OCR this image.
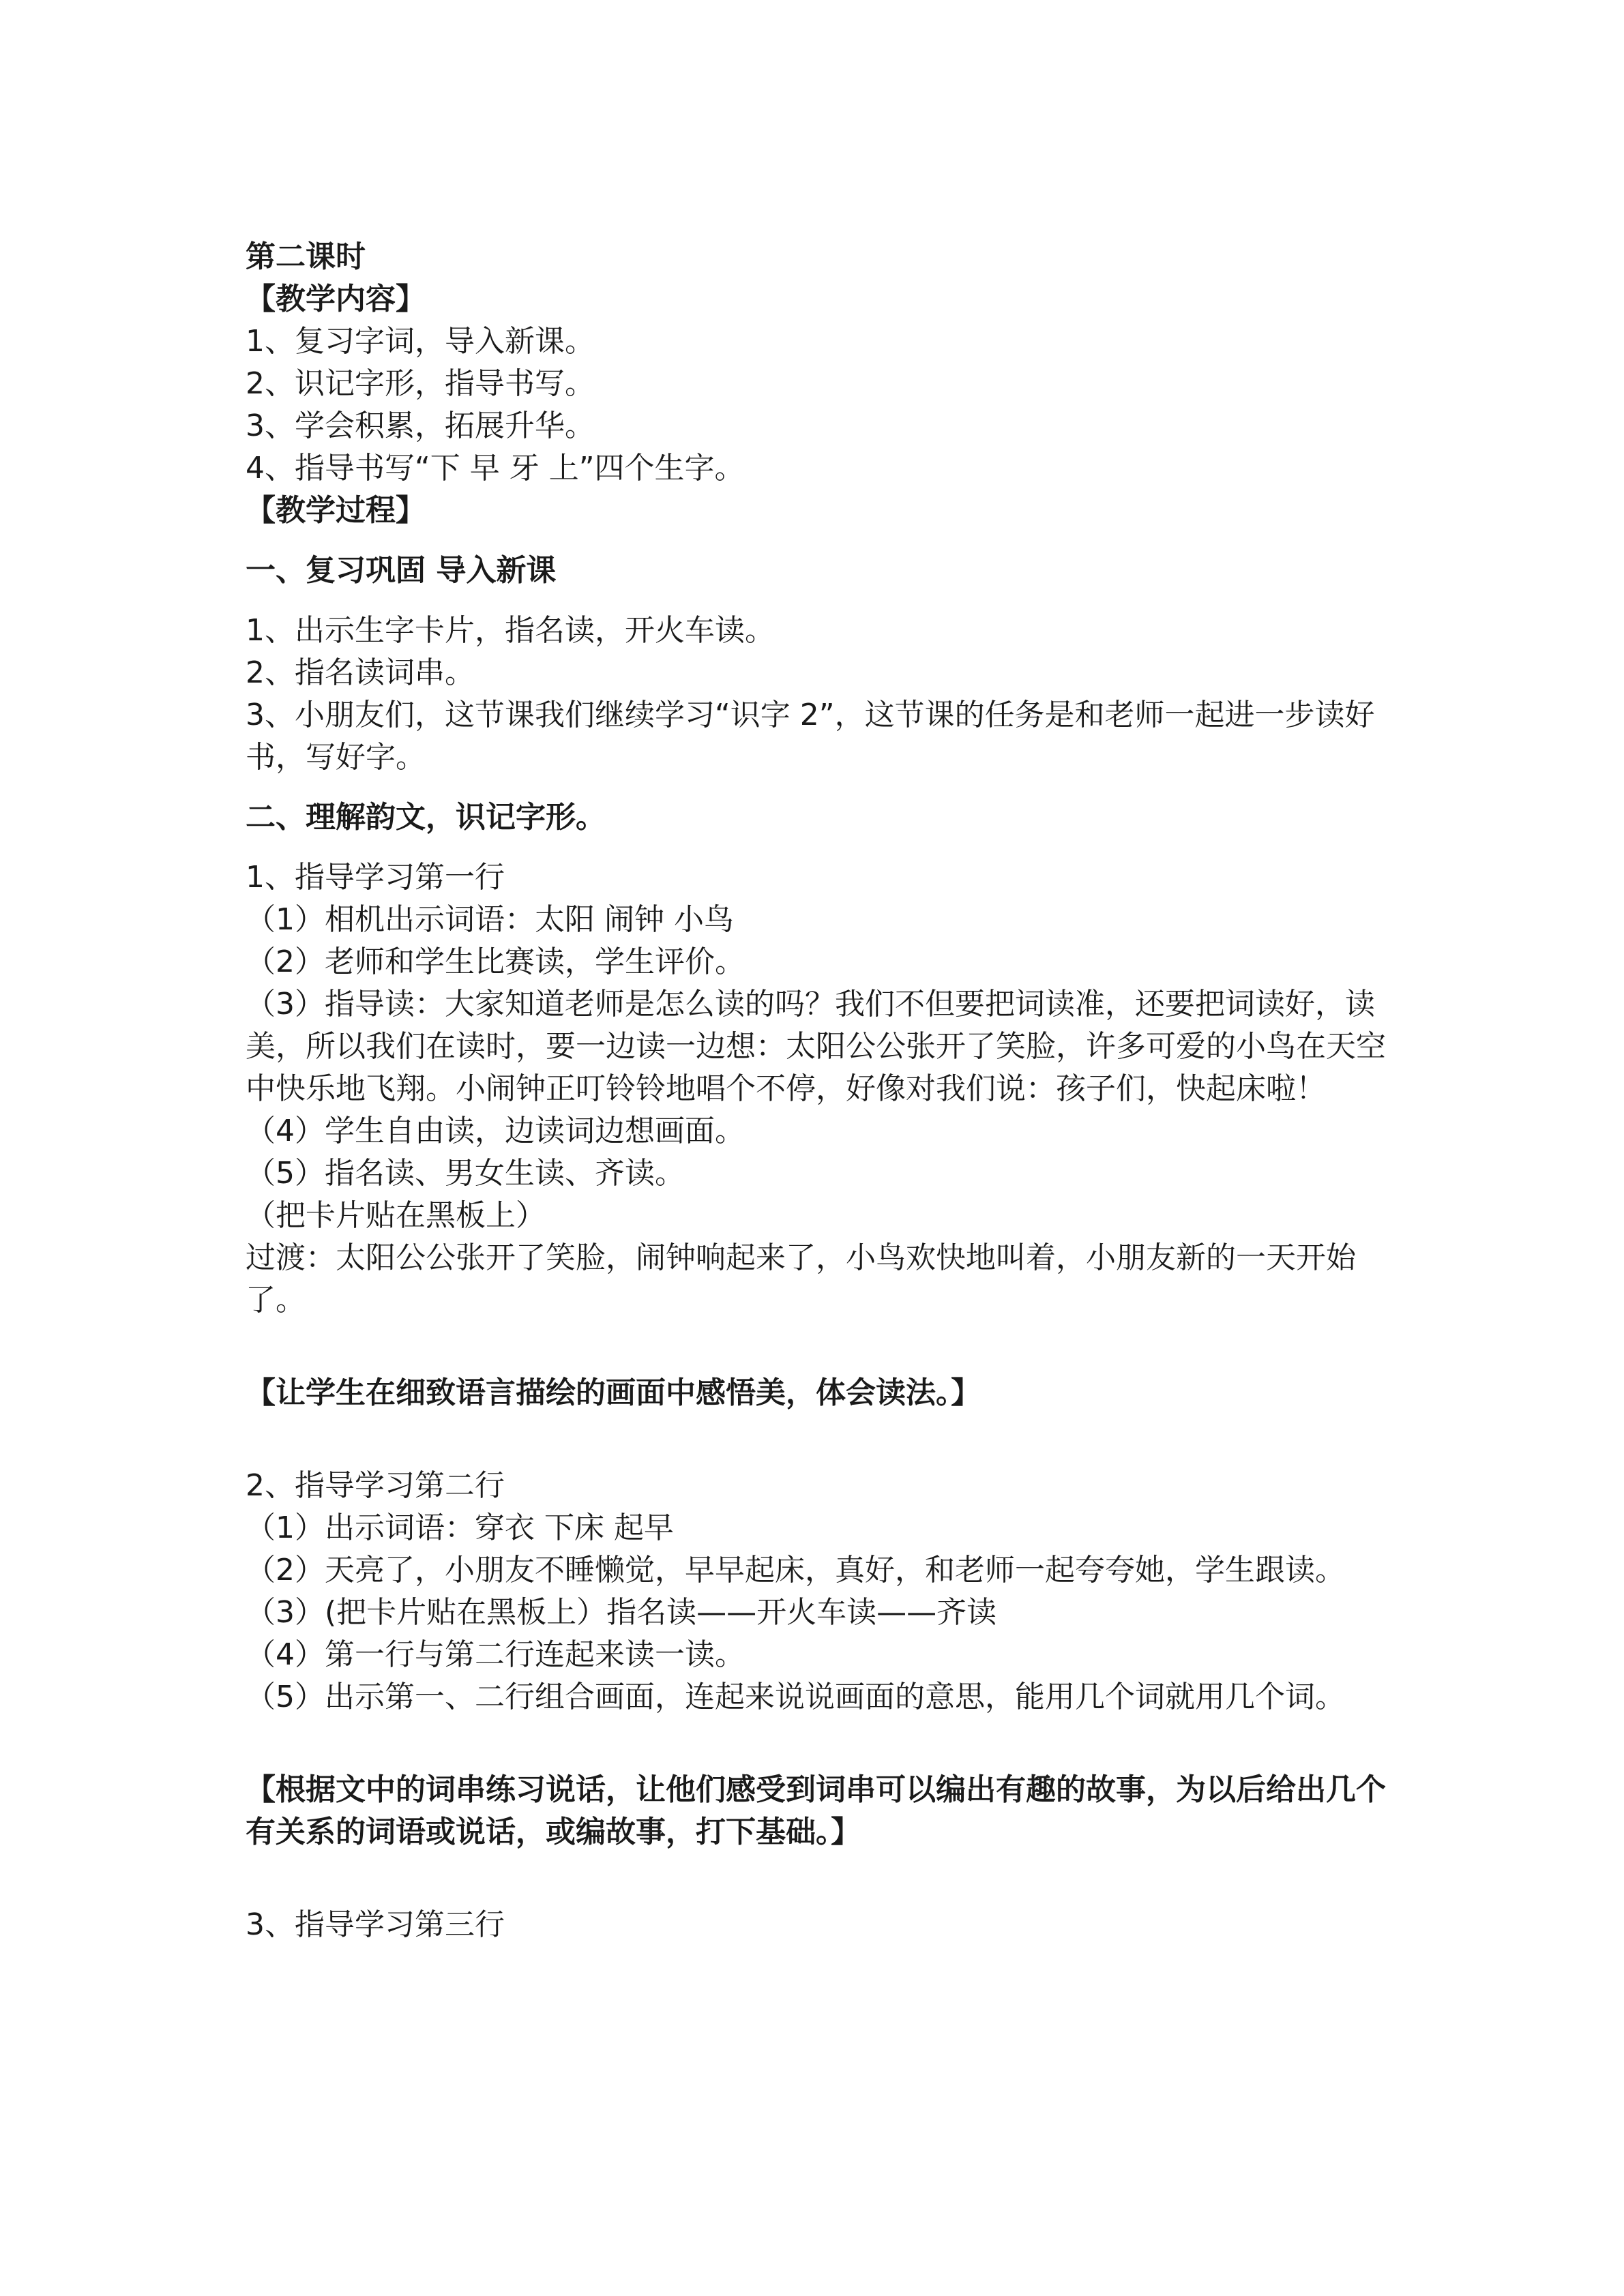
第二课时

【教学内容】

1、复习字词，导入新课。

2、识记字形，指导书写。

3、学会积累，拓展升华。

4、指导书写“下 早 牙 上”四个生字。

【教学过程】

一、复习巩固 导入新课

1、出示生字卡片，指名读，开火车读。

2、指名读词串。

3、小朋友们，这节课我们继续学习“识字 2”，这节课的任务是和老师一起进一步读好书，写好字。

二、理解韵文，识记字形。

1、指导学习第一行

（1）相机出示词语：太阳 闹钟 小鸟

（2）老师和学生比赛读，学生评价。

（3）指导读：大家知道老师是怎么读的吗？我们不但要把词读准，还要把词读好，读美，所以我们在读时，要一边读一边想：太阳公公张开了笑脸，许多可爱的小鸟在天空中快乐地飞翔。小闹钟正叮铃铃地唱个不停，好像对我们说：孩子们，快起床啦！

（4）学生自由读，边读词边想画面。

（5）指名读、男女生读、齐读。

（把卡片贴在黑板上）

过渡：太阳公公张开了笑脸，闹钟响起来了，小鸟欢快地叫着，小朋友新的一天开始了。

【让学生在细致语言描绘的画面中感悟美，体会读法。】

2、指导学习第二行

（1）出示词语：穿衣 下床 起早

（2）天亮了，小朋友不睡懒觉，早早起床，真好，和老师一起夸夸她，学生跟读。

（3）(把卡片贴在黑板上）指名读——开火车读——齐读

（4）第一行与第二行连起来读一读。

（5）出示第一、二行组合画面，连起来说说画面的意思，能用几个词就用几个词。

【根据文中的词串练习说话，让他们感受到词串可以编出有趣的故事，为以后给出几个有关系的词语或说话，或编故事，打下基础。】

3、指导学习第三行
